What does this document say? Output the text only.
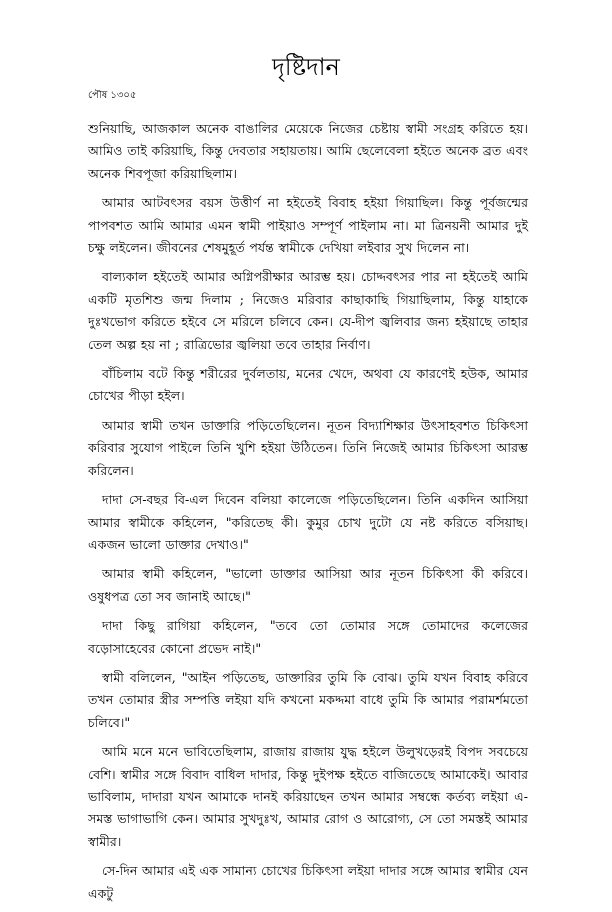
দৃষ্টিদান
পৌষ ১৩০৫

শুনিয়াছি, আজকাল অনেক বাঙালির মেয়েকে নিজের চেষ্টায় স্বামী সংগ্রহ করিতে হয়। আমিও তাই করিয়াছি, কিন্তু দেবতার সহায়তায়। আমি ছেলেবেলা হইতে অনেক ব্রত এবং অনেক শিবপূজা করিয়াছিলাম।

আমার আটবৎসর বয়স উত্তীর্ণ না হইতেই বিবাহ হইয়া গিয়াছিল। কিন্তু পূর্বজন্মের পাপবশত আমি আমার এমন স্বামী পাইয়াও সম্পূর্ণ পাইলাম না। মা ত্রিনয়নী আমার দুই চক্ষু লইলেন। জীবনের শেষমুহূর্ত পর্যন্ত স্বামীকে দেখিয়া লইবার সুখ দিলেন না।

বাল্যকাল হইতেই আমার অগ্নিপরীক্ষার আরম্ভ হয়। চোদ্দবৎসর পার না হইতেই আমি একটি মৃতশিশু জন্ম দিলাম ; নিজেও মরিবার কাছাকাছি গিয়াছিলাম, কিন্তু যাহাকে দুঃখভোগ করিতে হইবে সে মরিলে চলিবে কেন। যে-দীপ জ্বলিবার জন্য হইয়াছে তাহার তেল অল্প হয় না ; রাত্রিভোর জ্বলিয়া তবে তাহার নির্বাণ।

বাঁচিলাম বটে কিন্তু শরীরের দুর্বলতায়, মনের খেদে, অথবা যে কারণেই হউক, আমার চোখের পীড়া হইল।

আমার স্বামী তখন ডাক্তারি পড়িতেছিলেন। নূতন বিদ্যাশিক্ষার উৎসাহবশত চিকিৎসা করিবার সুযোগ পাইলে তিনি খুশি হইয়া উঠিতেন। তিনি নিজেই আমার চিকিৎসা আরম্ভ করিলেন।

দাদা সে-বছর বি-এল দিবেন বলিয়া কালেজে পড়িতেছিলেন। তিনি একদিন আসিয়া আমার স্বামীকে কহিলেন, "করিতেছ কী। কুমুর চোখ দুটো যে নষ্ট করিতে বসিয়াছ। একজন ভালো ডাক্তার দেখাও।"

আমার স্বামী কহিলেন, "ভালো ডাক্তার আসিয়া আর নূতন চিকিৎসা কী করিবে। ওষুধপত্র তো সব জানাই আছে।"

দাদা কিছু রাগিয়া কহিলেন, "তবে তো তোমার সঙ্গে তোমাদের কলেজের বড়োসাহেবের কোনো প্রভেদ নাই।"

স্বামী বলিলেন, "আইন পড়িতেছ, ডাক্তারির তুমি কি বোঝ। তুমি যখন বিবাহ করিবে তখন তোমার স্ত্রীর সম্পত্তি লইয়া যদি কখনো মকদ্দমা বাধে তুমি কি আমার পরামর্শমতো চলিবে।"

আমি মনে মনে ভাবিতেছিলাম, রাজায় রাজায় যুদ্ধ হইলে উলুখড়েরই বিপদ সবচেয়ে বেশি। স্বামীর সঙ্গে বিবাদ বাধিল দাদার, কিন্তু দুইপক্ষ হইতে বাজিতেছে আমাকেই। আবার ভাবিলাম, দাদারা যখন আমাকে দানই করিয়াছেন তখন আমার সম্বন্ধে কর্তব্য লইয়া এ-সমস্ত ভাগাভাগি কেন। আমার সুখদুঃখ, আমার রোগ ও আরোগ্য, সে তো সমস্তই আমার স্বামীর।

সে-দিন আমার এই এক সামান্য চোখের চিকিৎসা লইয়া দাদার সঙ্গে আমার স্বামীর যেন একটু
